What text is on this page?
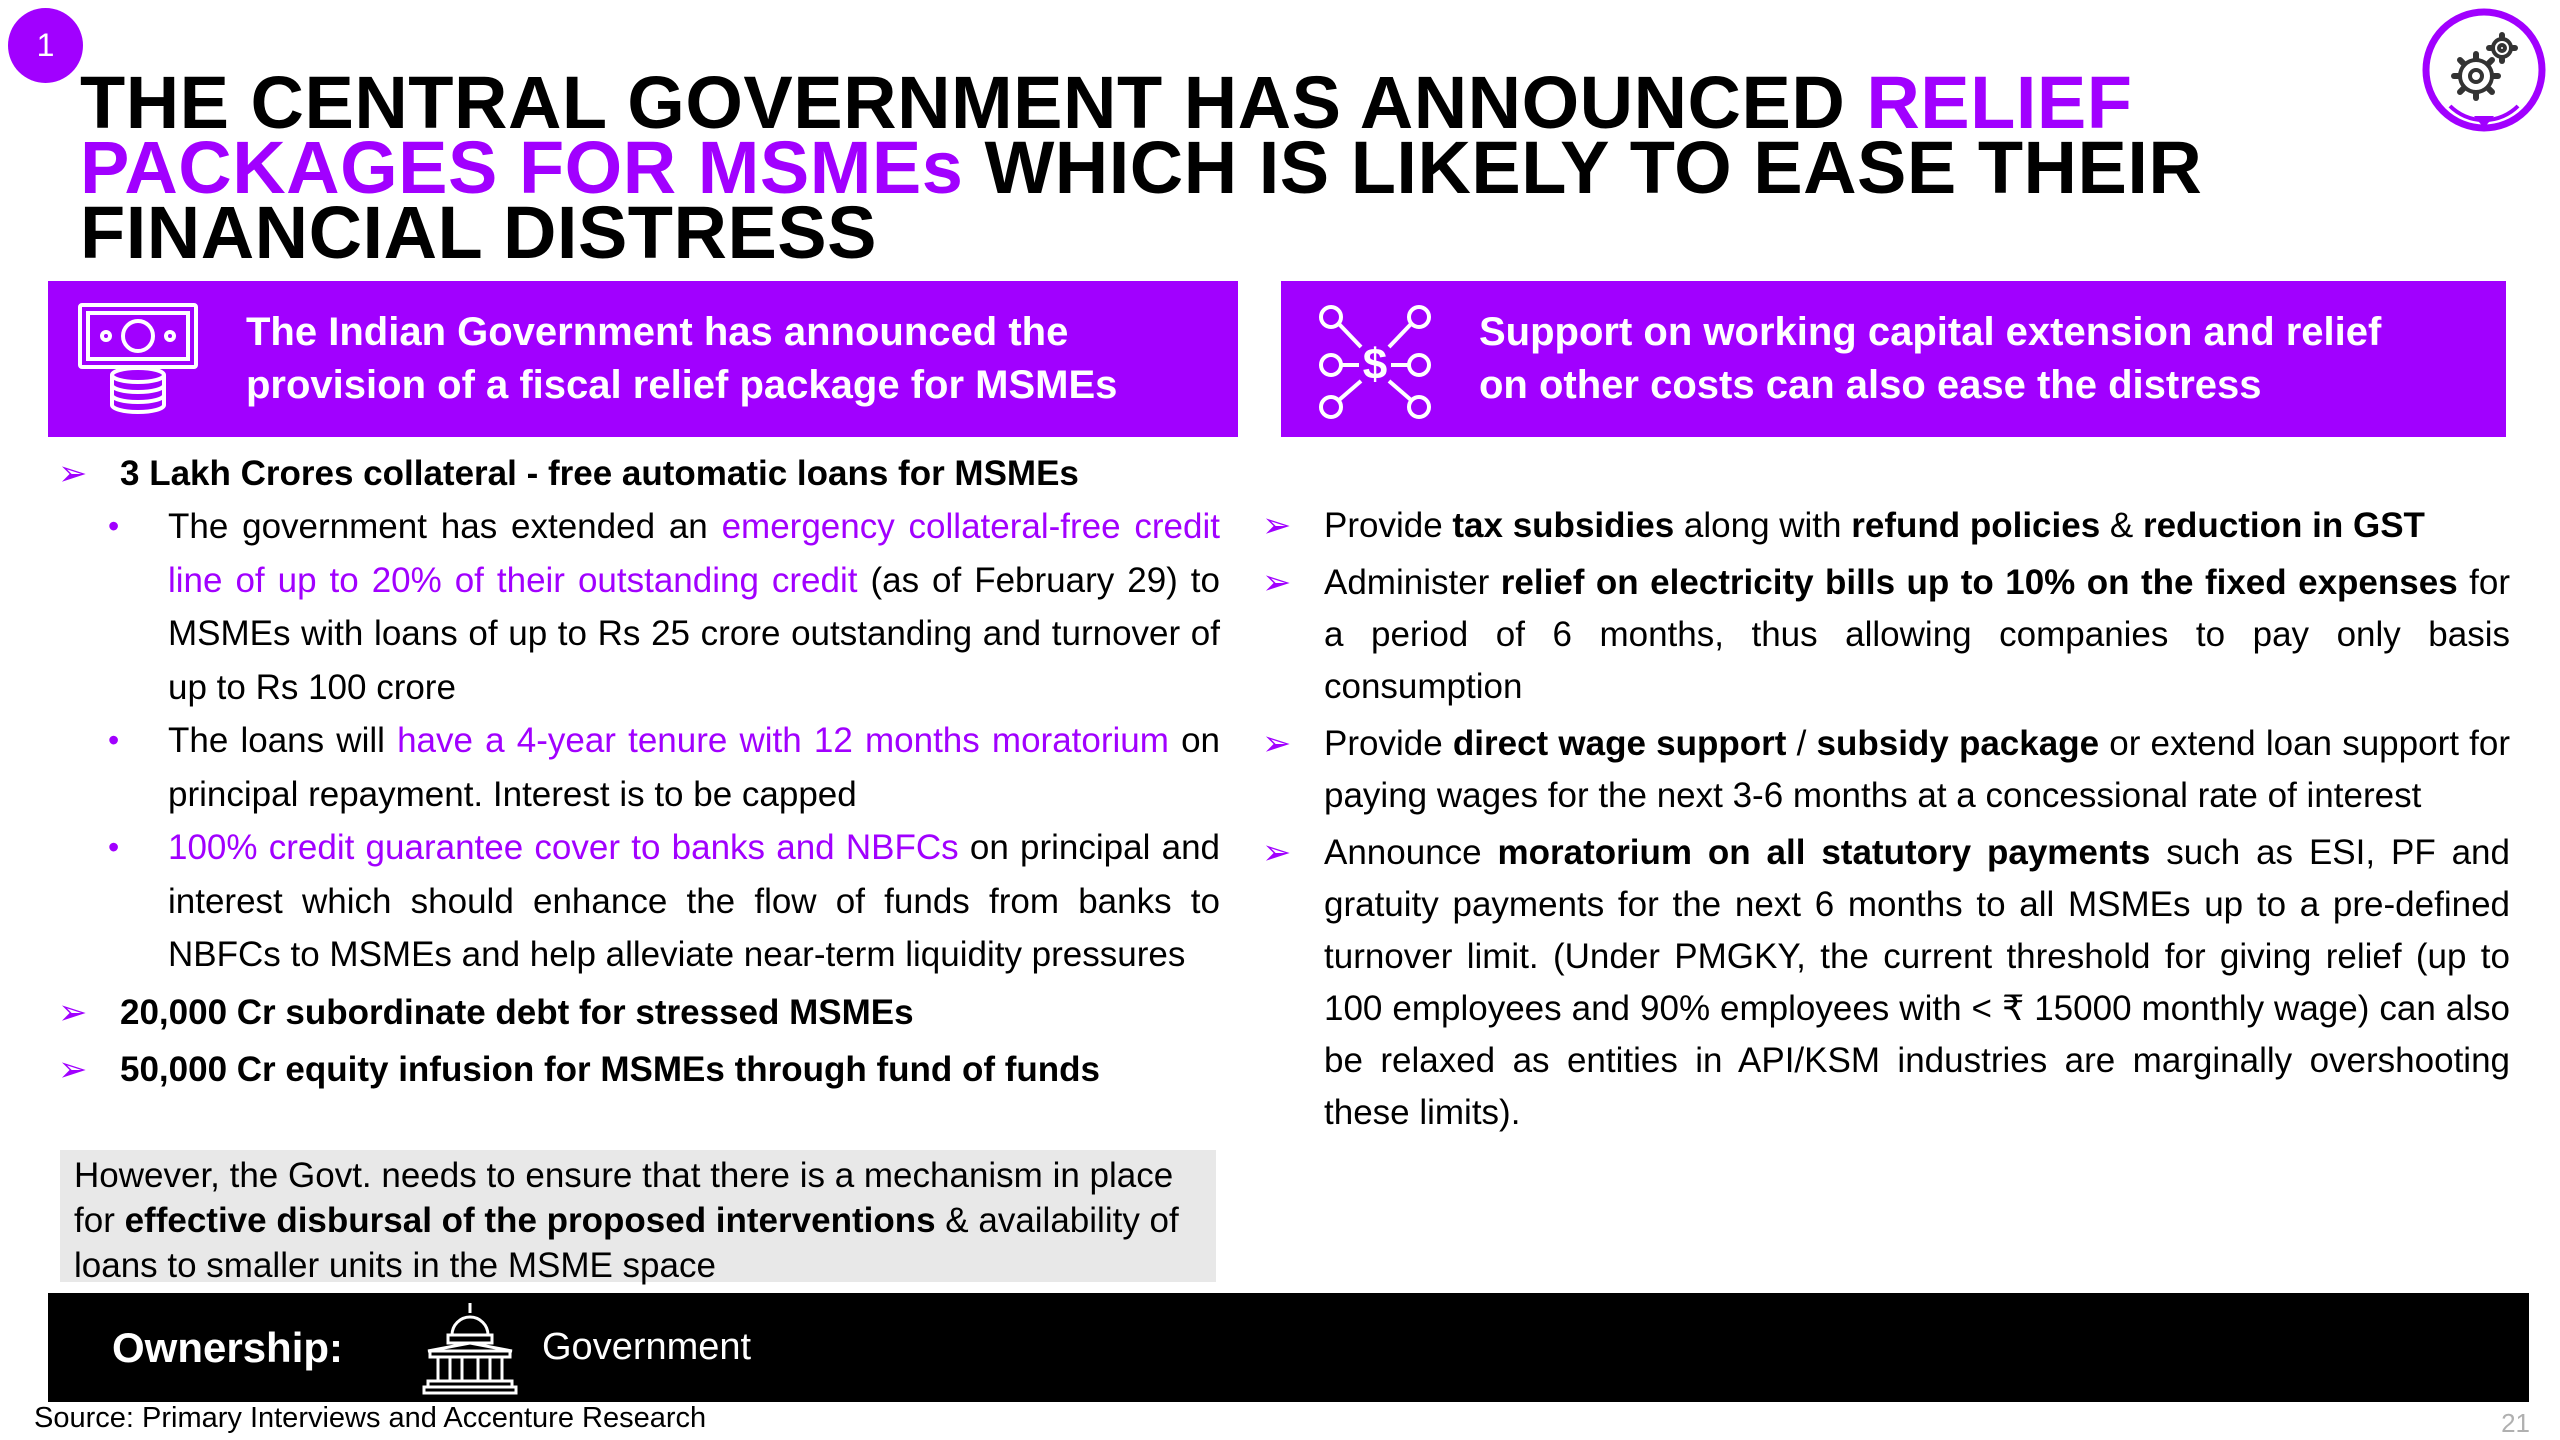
1
THE CENTRAL GOVERNMENT HAS ANNOUNCED RELIEF PACKAGES FOR MSMEs WHICH IS LIKELY TO EASE THEIR FINANCIAL DISTRESS
The Indian Government has announced the
provision of a fiscal relief package for MSMEs	$
Support on working capital extension and relief
on other costs can also ease the distress
➢ 3 Lakh Crores collateral - free automatic loans for MSMEs
• The government has extended an emergency collateral-free credit line of up to 20% of their outstanding credit (as of February 29) to MSMEs with loans of up to Rs 25 crore outstanding and turnover of up to Rs 100 crore
• The loans will have a 4-year tenure with 12 months moratorium on principal repayment. Interest is to be capped
• 100% credit guarantee cover to banks and NBFCs on principal and interest which should enhance the flow of funds from banks to NBFCs to MSMEs and help alleviate near-term liquidity pressures
➢ 20,000 Cr subordinate debt for stressed MSMEs
➢ 50,000 Cr equity infusion for MSMEs through fund of funds
However, the Govt. needs to ensure that there is a mechanism in place for effective disbursal of the proposed interventions & availability of loans to smaller units in the MSME space
➢ Provide tax subsidies along with refund policies & reduction in GST
➢ Administer relief on electricity bills up to 10% on the fixed expenses for a period of 6 months, thus allowing companies to pay only basis consumption
➢ Provide direct wage support / subsidy package or extend loan support for paying wages for the next 3-6 months at a concessional rate of interest
➢ Announce moratorium on all statutory payments such as ESI, PF and gratuity payments for the next 6 months to all MSMEs up to a pre-defined turnover limit. (Under PMGKY, the current threshold for giving relief (up to 100 employees and 90% employees with < ₹ 15000 monthly wage) can also be relaxed as entities in API/KSM industries are marginally overshooting these limits).
Ownership:	Government
Source: Primary Interviews and Accenture Research	21
